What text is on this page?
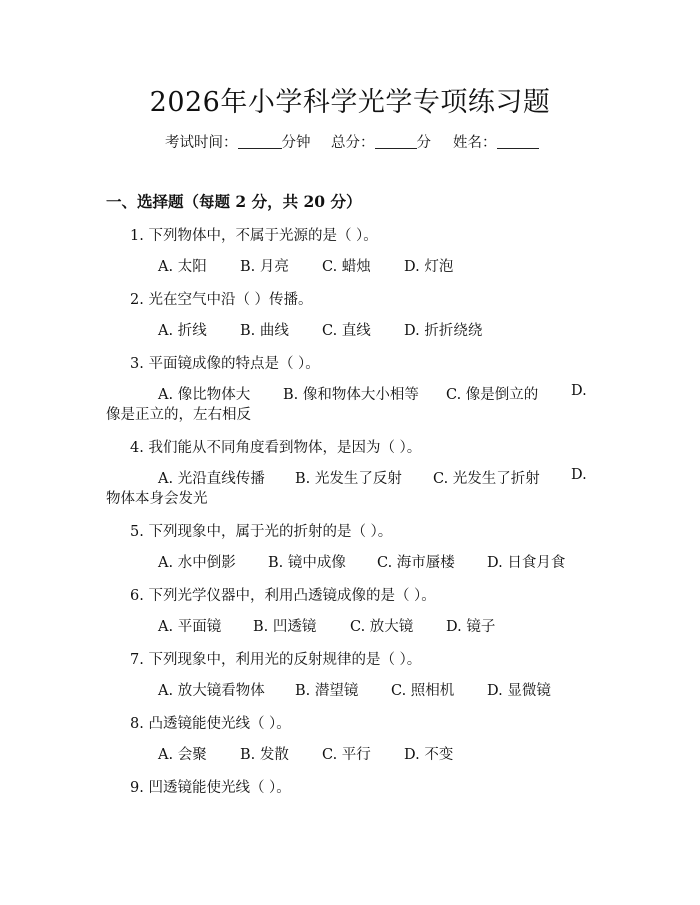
2026年小学科学光学专项练习题
考试时间：	分钟 总分：	分 姓名：
一、选择题（每题 2 分，共 20 分）
1. 下列物体中，不属于光源的是（ ）。
A. 太阳 B. 月亮 C. 蜡烛 D. 灯泡
2. 光在空气中沿（ ）传播。
A. 折线 B. 曲线 C. 直线 D. 折折绕绕
3. 平面镜成像的特点是（ ）。
A. 像比物体大 B. 像和物体大小相等 C. 像是倒立的 D.
像是正立的，左右相反
4. 我们能从不同角度看到物体，是因为（ ）。
A. 光沿直线传播 B. 光发生了反射 C. 光发生了折射 D.
物体本身会发光
5. 下列现象中，属于光的折射的是（ ）。
A. 水中倒影 B. 镜中成像 C. 海市蜃楼 D. 日食月食
6. 下列光学仪器中，利用凸透镜成像的是（ ）。
A. 平面镜 B. 凹透镜 C. 放大镜 D. 镜子
7. 下列现象中，利用光的反射规律的是（ ）。
A. 放大镜看物体 B. 潜望镜 C. 照相机 D. 显微镜
8. 凸透镜能使光线（ ）。
A. 会聚 B. 发散 C. 平行 D. 不变
9. 凹透镜能使光线（ ）。
